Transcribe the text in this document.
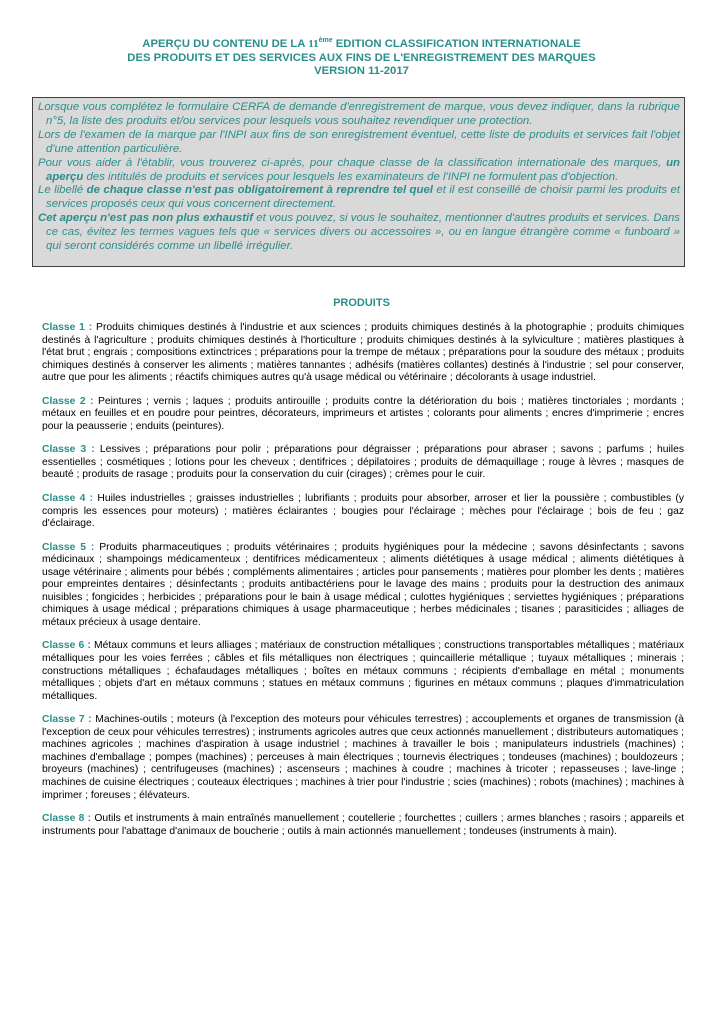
APERÇU DU CONTENU DE LA 11ème EDITION CLASSIFICATION INTERNATIONALE
DES PRODUITS ET DES SERVICES AUX FINS DE L'ENREGISTREMENT DES MARQUES
VERSION 11-2017

Lorsque vous complétez le formulaire CERFA de demande d'enregistrement de marque, vous devez indiquer, dans la rubrique n°5, la liste des produits et/ou services pour lesquels vous souhaitez revendiquer une protection.

Lors de l'examen de la marque par l'INPI aux fins de son enregistrement éventuel, cette liste de produits et services fait l'objet d'une attention particulière.

Pour vous aider à l'établir, vous trouverez ci-après, pour chaque classe de la classification internationale des marques, un aperçu des intitulés de produits et services pour lesquels les examinateurs de l'INPI ne formulent pas d'objection.

Le libellé de chaque classe n'est pas obligatoirement à reprendre tel quel et il est conseillé de choisir parmi les produits et services proposés ceux qui vous concernent directement.

Cet aperçu n'est pas non plus exhaustif et vous pouvez, si vous le souhaitez, mentionner d'autres produits et services. Dans ce cas, évitez les termes vagues tels que « services divers ou accessoires », ou en langue étrangère comme « funboard » qui seront considérés comme un libellé irrégulier.

PRODUITS

Classe 1 : Produits chimiques destinés à l'industrie et aux sciences ; produits chimiques destinés à la photographie ; produits chimiques destinés à l'agriculture ; produits chimiques destinés à l'horticulture ; produits chimiques destinés à la sylviculture ; matières plastiques à l'état brut ; engrais ; compositions extinctrices ; préparations pour la trempe de métaux ; préparations pour la soudure des métaux ; produits chimiques destinés à conserver les aliments ; matières tannantes ; adhésifs (matières collantes) destinés à l'industrie ; sel pour conserver, autre que pour les aliments ; réactifs chimiques autres qu'à usage médical ou vétérinaire ; décolorants à usage industriel.

Classe 2 : Peintures ; vernis ; laques ; produits antirouille ; produits contre la détérioration du bois ; matières tinctoriales ; mordants ; métaux en feuilles et en poudre pour peintres, décorateurs, imprimeurs et artistes ; colorants pour aliments ; encres d'imprimerie ; encres pour la peausserie ; enduits (peintures).

Classe 3 : Lessives ; préparations pour polir ; préparations pour dégraisser ; préparations pour abraser ; savons ; parfums ; huiles essentielles ; cosmétiques ; lotions pour les cheveux ; dentifrices ; dépilatoires ; produits de démaquillage ; rouge à lèvres ; masques de beauté ; produits de rasage ; produits pour la conservation du cuir (cirages) ; crèmes pour le cuir.

Classe 4 : Huiles industrielles ; graisses industrielles ; lubrifiants ; produits pour absorber, arroser et lier la poussière ; combustibles (y compris les essences pour moteurs) ; matières éclairantes ; bougies pour l'éclairage ; mèches pour l'éclairage ; bois de feu ; gaz d'éclairage.

Classe 5 : Produits pharmaceutiques ; produits vétérinaires ; produits hygiéniques pour la médecine ; savons désinfectants ; savons médicinaux ; shampoings médicamenteux ; dentifrices médicamenteux ; aliments diététiques à usage médical ; aliments diététiques à usage vétérinaire ; aliments pour bébés ; compléments alimentaires ; articles pour pansements ; matières pour plomber les dents ; matières pour empreintes dentaires ; désinfectants ; produits antibactériens pour le lavage des mains ; produits pour la destruction des animaux nuisibles ; fongicides ; herbicides ; préparations pour le bain à usage médical ; culottes hygiéniques ; serviettes hygiéniques ; préparations chimiques à usage médical ; préparations chimiques à usage pharmaceutique ; herbes médicinales ; tisanes ; parasiticides ; alliages de métaux précieux à usage dentaire.

Classe 6 : Métaux communs et leurs alliages ; matériaux de construction métalliques ; constructions transportables métalliques ; matériaux métalliques pour les voies ferrées ; câbles et fils métalliques non électriques ; quincaillerie métallique ; tuyaux métalliques ; minerais ; constructions métalliques ; échafaudages métalliques ; boîtes en métaux communs ; récipients d'emballage en métal ; monuments métalliques ; objets d'art en métaux communs ; statues en métaux communs ; figurines en métaux communs ; plaques d'immatriculation métalliques.

Classe 7 : Machines-outils ; moteurs (à l'exception des moteurs pour véhicules terrestres) ; accouplements et organes de transmission (à l'exception de ceux pour véhicules terrestres) ; instruments agricoles autres que ceux actionnés manuellement ; distributeurs automatiques ; machines agricoles ; machines d'aspiration à usage industriel ; machines à travailler le bois ; manipulateurs industriels (machines) ; machines d'emballage ; pompes (machines) ; perceuses à main électriques ; tournevis électriques ; tondeuses (machines) ; bouldozeurs ; broyeurs (machines) ; centrifugeuses (machines) ; ascenseurs ; machines à coudre ; machines à tricoter ; repasseuses ; lave-linge ; machines de cuisine électriques ; couteaux électriques ; machines à trier pour l'industrie ; scies (machines) ; robots (machines) ; machines à imprimer ; foreuses ; élévateurs.

Classe 8 : Outils et instruments à main entraînés manuellement ; coutellerie ; fourchettes ; cuillers ; armes blanches ; rasoirs ; appareils et instruments pour l'abattage d'animaux de boucherie ; outils à main actionnés manuellement ; tondeuses (instruments à main).
